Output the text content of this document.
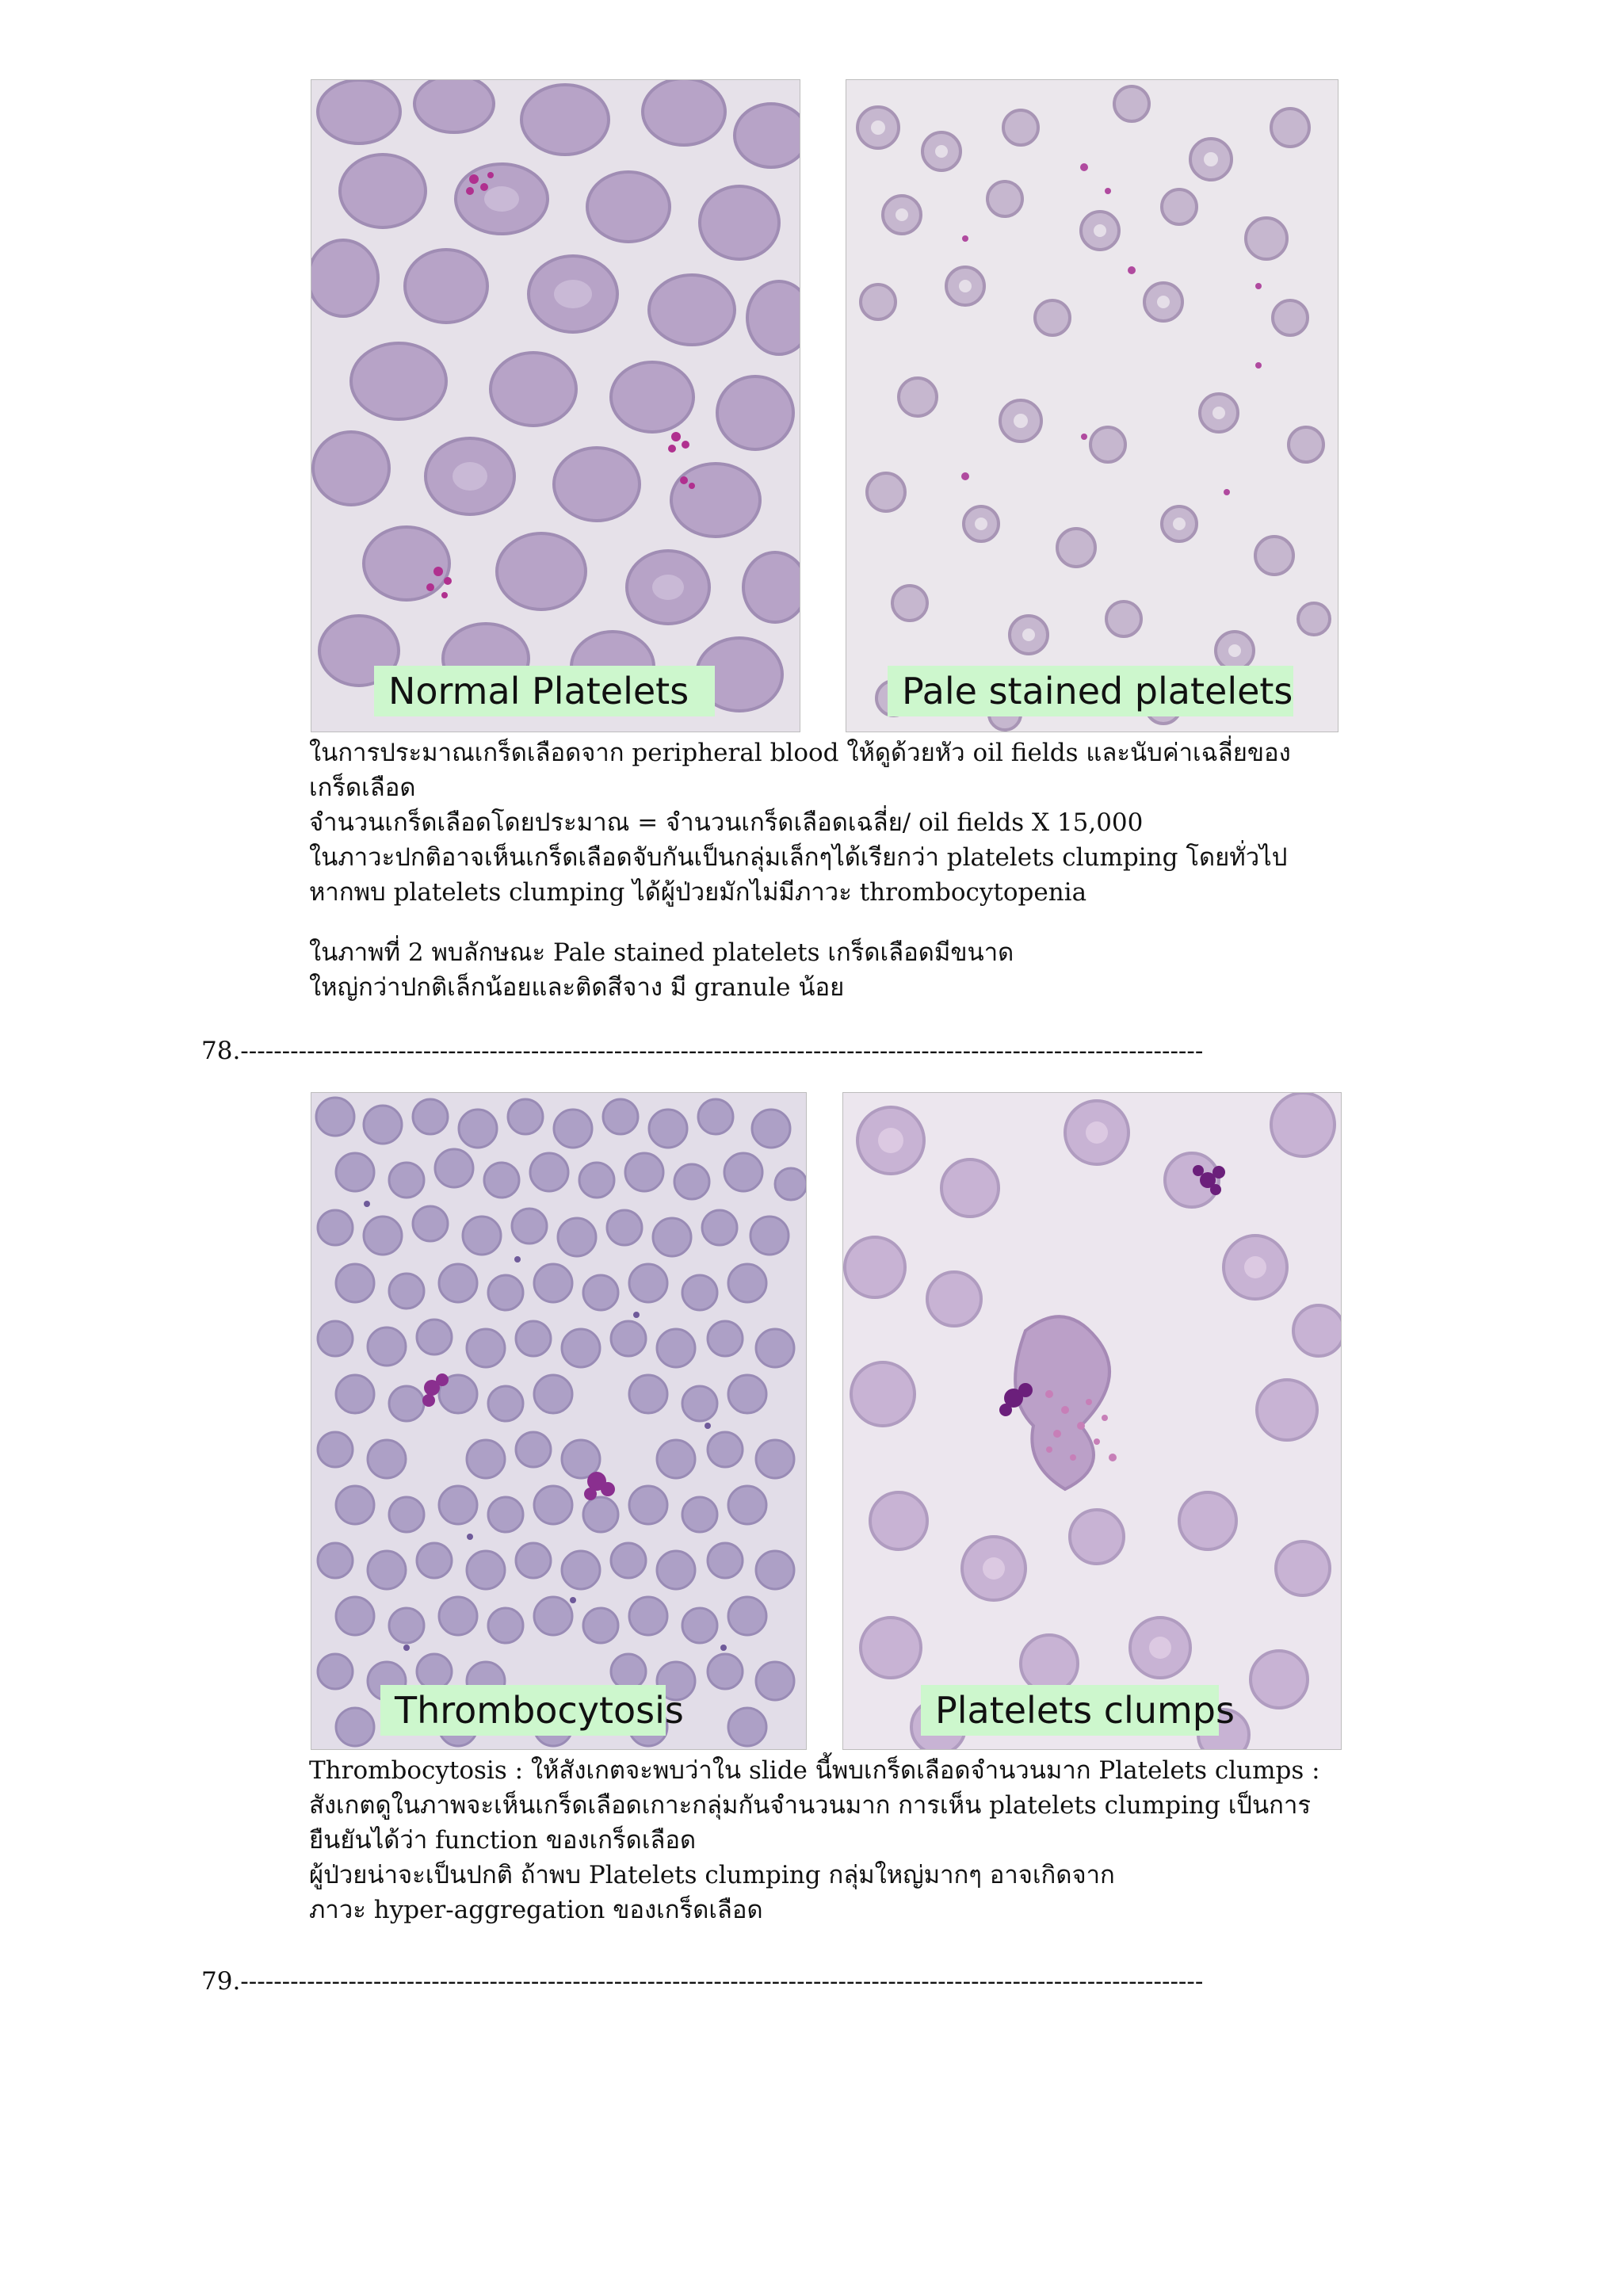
Normal Platelets	Pale stained platelets

ในการประมาณเกร็ดเลือดจาก peripheral blood ให้ดูด้วยหัว oil fields และนับค่าเฉลี่ยของ

เกร็ดเลือด

จำนวนเกร็ดเลือดโดยประมาณ = จำนวนเกร็ดเลือดเฉลี่ย/ oil fields X 15,000

ในภาวะปกติอาจเห็นเกร็ดเลือดจับกันเป็นกลุ่มเล็กๆได้เรียกว่า platelets clumping โดยทั่วไป

หากพบ platelets clumping ได้ผู้ป่วยมักไม่มีภาวะ thrombocytopenia

ในภาพที่ 2 พบลักษณะ Pale stained platelets เกร็ดเลือดมีขนาด

ใหญ่กว่าปกติเล็กน้อยและติดสีจาง มี granule น้อย

78.--------------------------------------------------------------------------------------------------------------------
Thrombocytosis	Platelets clumps

Thrombocytosis : ให้สังเกตจะพบว่าใน slide นี้พบเกร็ดเลือดจำนวนมาก Platelets clumps :

สังเกตดูในภาพจะเห็นเกร็ดเลือดเกาะกลุ่มกันจำนวนมาก การเห็น platelets clumping เป็นการ

ยืนยันได้ว่า function ของเกร็ดเลือด

ผู้ป่วยน่าจะเป็นปกติ ถ้าพบ Platelets clumping กลุ่มใหญ่มากๆ อาจเกิดจาก

ภาวะ hyper-aggregation ของเกร็ดเลือด

79.--------------------------------------------------------------------------------------------------------------------
